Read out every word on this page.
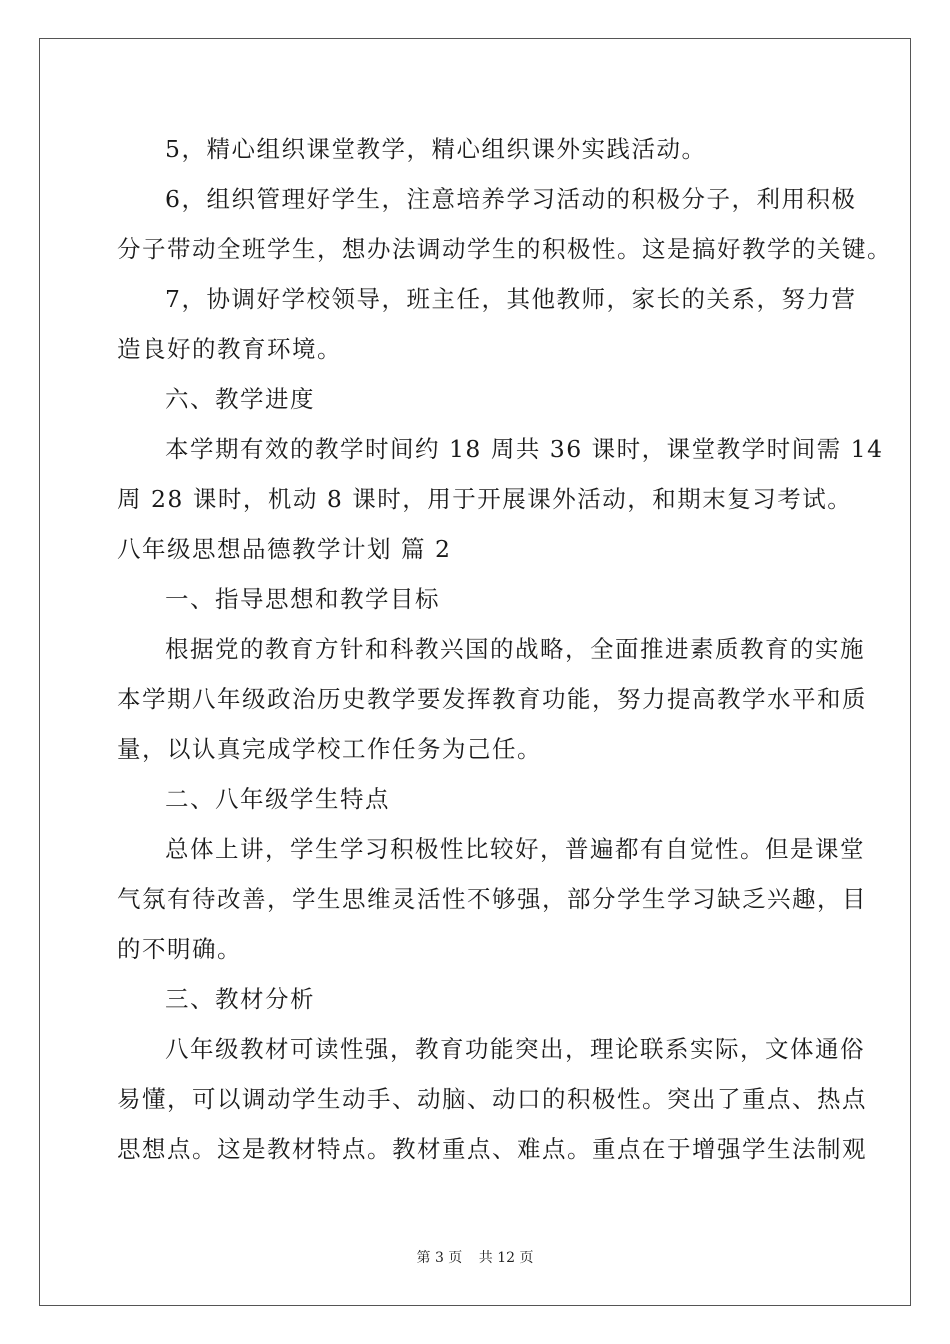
5，精心组织课堂教学，精心组织课外实践活动。
6，组织管理好学生，注意培养学习活动的积极分子，利用积极
分子带动全班学生，想办法调动学生的积极性。这是搞好教学的关键。
7，协调好学校领导，班主任，其他教师，家长的关系，努力营
造良好的教育环境。
六、教学进度
本学期有效的教学时间约 18 周共 36 课时，课堂教学时间需 14
周 28 课时，机动 8 课时，用于开展课外活动，和期末复习考试。
八年级思想品德教学计划 篇 2
一、指导思想和教学目标
根据党的教育方针和科教兴国的战略，全面推进素质教育的实施
本学期八年级政治历史教学要发挥教育功能，努力提高教学水平和质
量，以认真完成学校工作任务为己任。
二、八年级学生特点
总体上讲，学生学习积极性比较好，普遍都有自觉性。但是课堂
气氛有待改善，学生思维灵活性不够强，部分学生学习缺乏兴趣，目
的不明确。
三、教材分析
八年级教材可读性强，教育功能突出，理论联系实际，文体通俗
易懂，可以调动学生动手、动脑、动口的积极性。突出了重点、热点
思想点。这是教材特点。教材重点、难点。重点在于增强学生法制观
第 3 页 共 12 页
